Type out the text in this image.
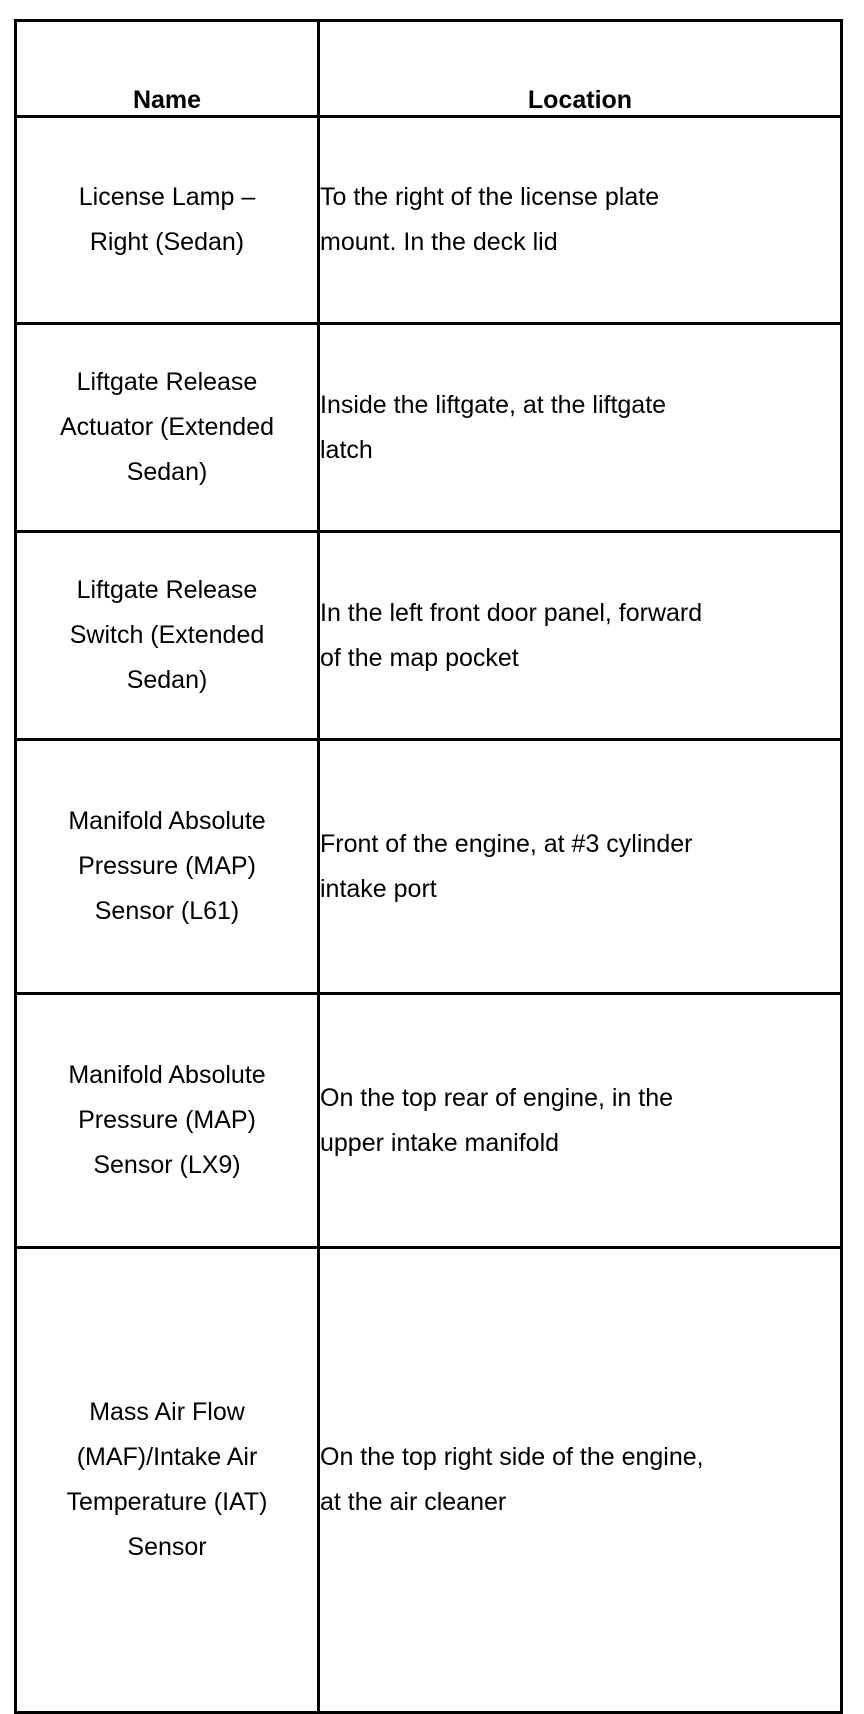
Name	Location

License Lamp –
Right (Sedan)	To the right of the license plate
mount. In the deck lid

Liftgate Release
Actuator (Extended
Sedan)	Inside the liftgate, at the liftgate
latch

Liftgate Release
Switch (Extended
Sedan)	In the left front door panel, forward
of the map pocket

Manifold Absolute
Pressure (MAP)
Sensor (L61)	Front of the engine, at #3 cylinder
intake port

Manifold Absolute
Pressure (MAP)
Sensor (LX9)	On the top rear of engine, in the
upper intake manifold

Mass Air Flow
(MAF)/Intake Air
Temperature (IAT)
Sensor	On the top right side of the engine,
at the air cleaner
